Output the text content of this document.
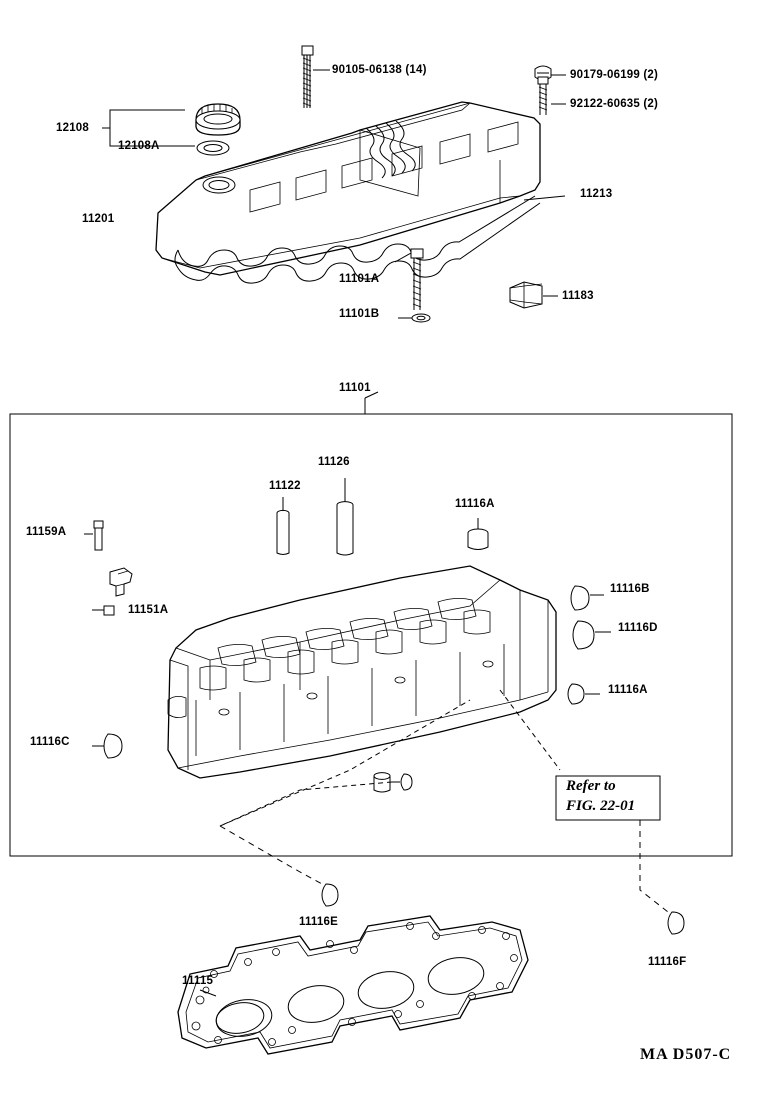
90105-06138 (14)	90179-06199 (2)
92122-60635 (2)
12108
12108A
11201
11213
11101A
11101B
11183
11101
11122
11126
11116A
11159A
11151A
11116B
11116D
11116A
11116C
Refer to
FIG. 22-01
11116E
11116F
11115
MA D507-C
